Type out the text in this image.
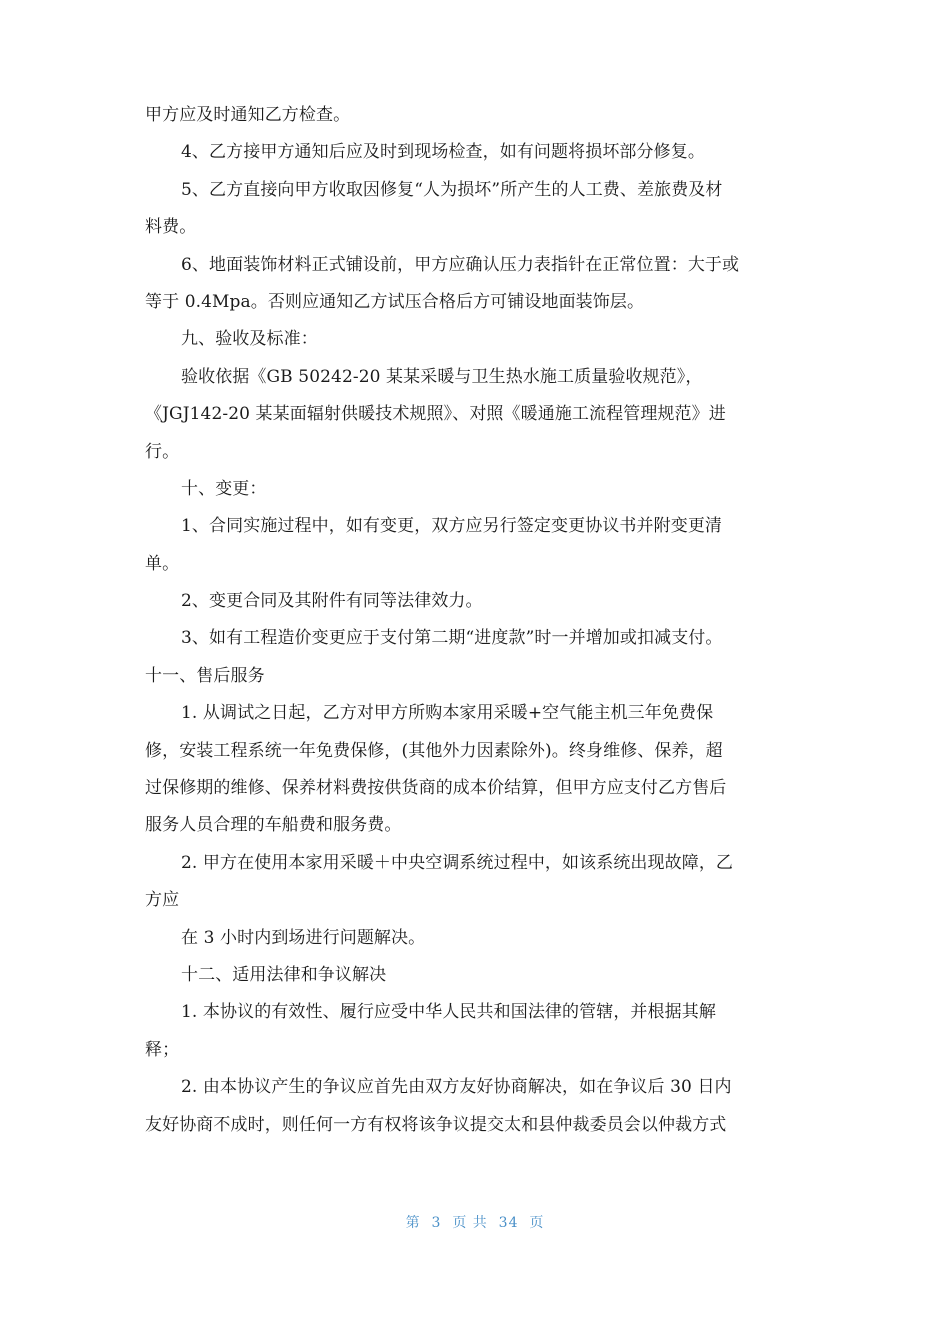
甲方应及时通知乙方检查。
4、乙方接甲方通知后应及时到现场检查，如有问题将损坏部分修复。
5、乙方直接向甲方收取因修复“人为损坏”所产生的人工费、差旅费及材
料费。
6、地面装饰材料正式铺设前，甲方应确认压力表指针在正常位置：大于或
等于 0.4Mpa。否则应通知乙方试压合格后方可铺设地面装饰层。
九、验收及标准：
验收依据《GB 50242-20 某某采暖与卫生热水施工质量验收规范》，
《JGJ142-20 某某面辐射供暖技术规照》、对照《暖通施工流程管理规范》进
行。
十、变更：
1、合同实施过程中，如有变更，双方应另行签定变更协议书并附变更清
单。
2、变更合同及其附件有同等法律效力。
3、如有工程造价变更应于支付第二期“进度款”时一并增加或扣减支付。
十一、售后服务
1. 从调试之日起，乙方对甲方所购本家用采暖+空气能主机三年免费保
修，安装工程系统一年免费保修，(其他外力因素除外)。终身维修、保养，超
过保修期的维修、保养材料费按供货商的成本价结算，但甲方应支付乙方售后
服务人员合理的车船费和服务费。
2. 甲方在使用本家用采暖＋中央空调系统过程中，如该系统出现故障，乙
方应
在 3 小时内到场进行问题解决。
十二、适用法律和争议解决
1. 本协议的有效性、履行应受中华人民共和国法律的管辖，并根据其解
释；
2. 由本协议产生的争议应首先由双方友好协商解决，如在争议后 30 日内
友好协商不成时，则任何一方有权将该争议提交太和县仲裁委员会以仲裁方式
第  3  页 共  34  页
